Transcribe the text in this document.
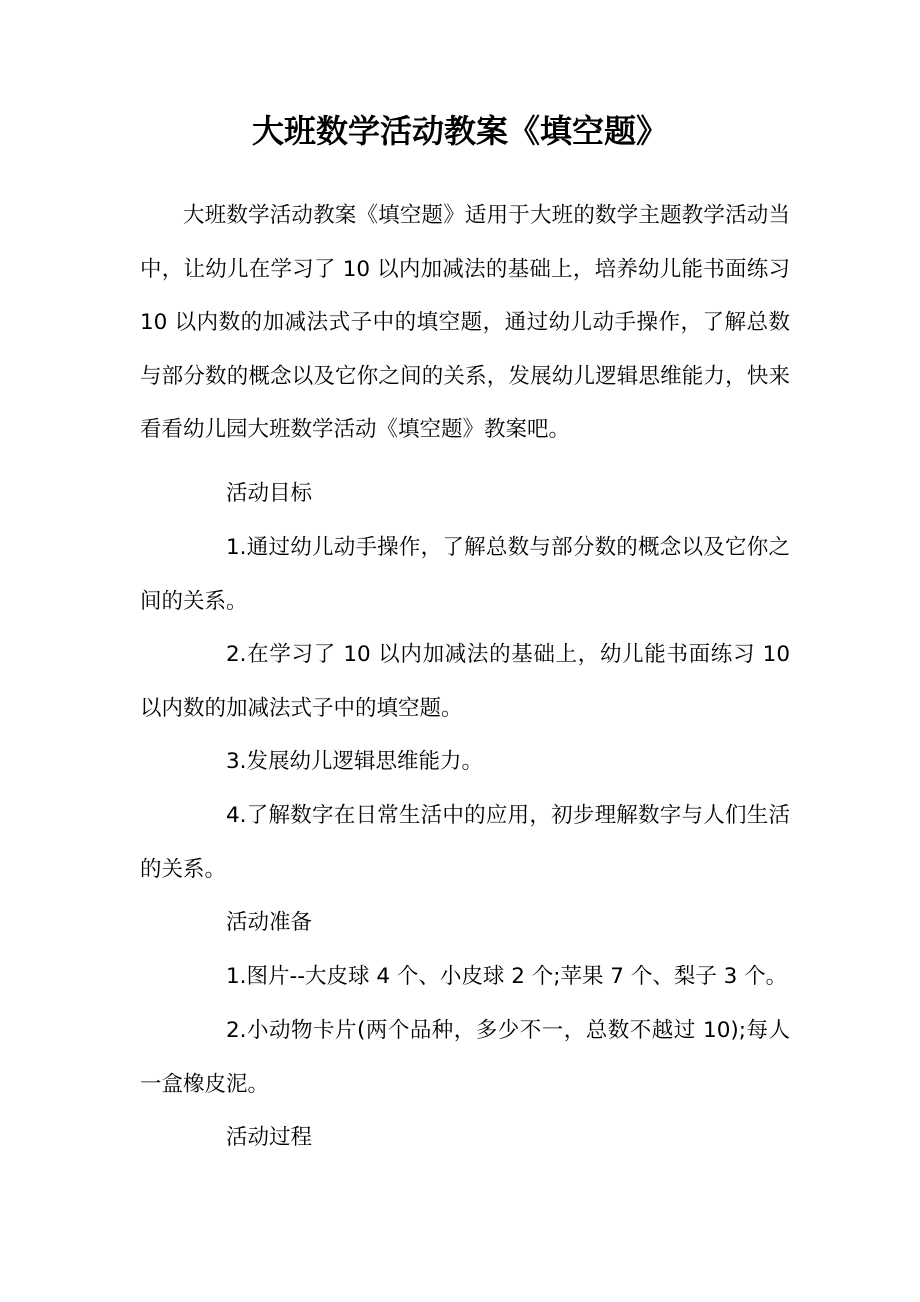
大班数学活动教案《填空题》

大班数学活动教案《填空题》适用于大班的数学主题教学活动当中，让幼儿在学习了 10 以内加减法的基础上，培养幼儿能书面练习 10 以内数的加减法式子中的填空题，通过幼儿动手操作，了解总数与部分数的概念以及它你之间的关系，发展幼儿逻辑思维能力，快来看看幼儿园大班数学活动《填空题》教案吧。

活动目标

1.通过幼儿动手操作，了解总数与部分数的概念以及它你之间的关系。

2.在学习了 10 以内加减法的基础上，幼儿能书面练习 10 以内数的加减法式子中的填空题。

3.发展幼儿逻辑思维能力。

4.了解数字在日常生活中的应用，初步理解数字与人们生活的关系。

活动准备

1.图片--大皮球 4 个、小皮球 2 个;苹果 7 个、梨子 3 个。

2.小动物卡片(两个品种，多少不一，总数不越过 10);每人一盒橡皮泥。

活动过程
